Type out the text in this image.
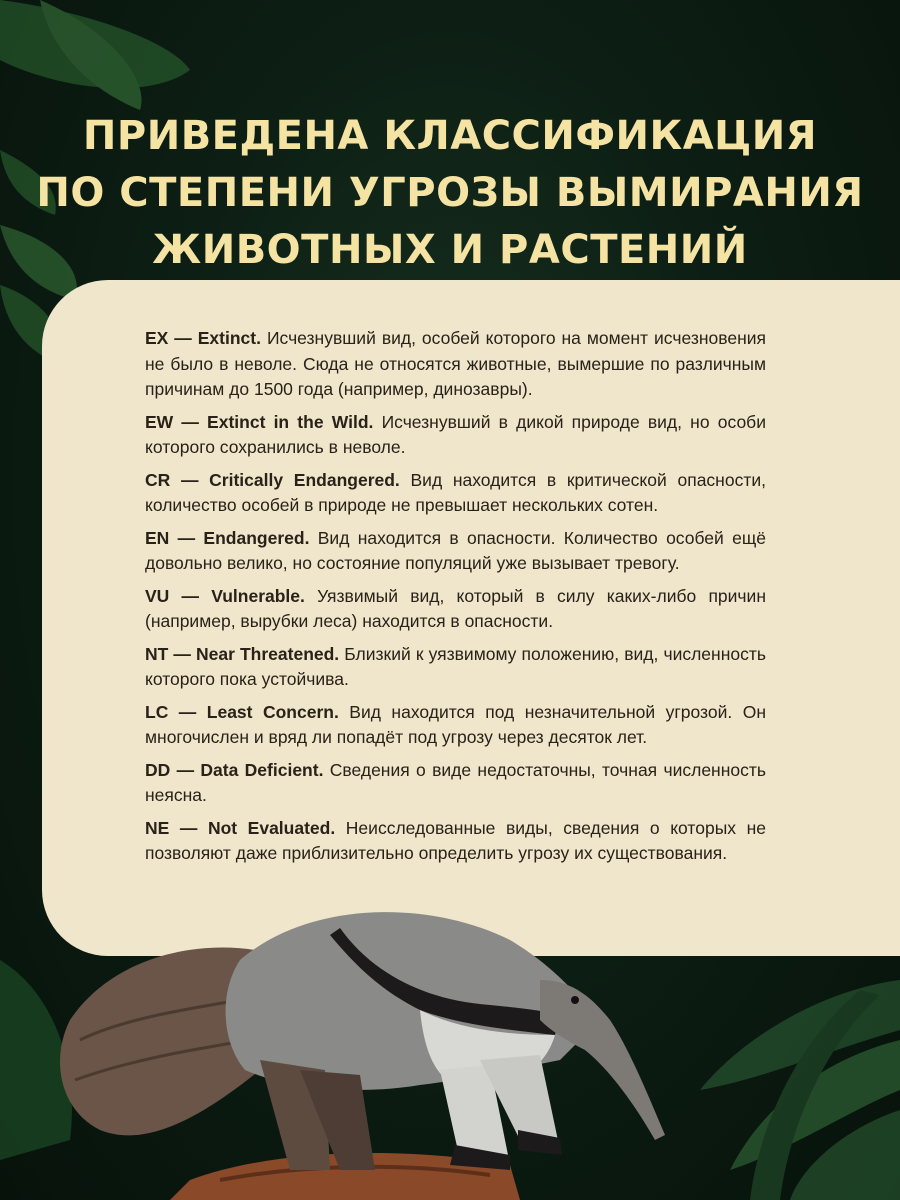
ПРИВЕДЕНА КЛАССИФИКАЦИЯ
ПО СТЕПЕНИ УГРОЗЫ ВЫМИРАНИЯ
ЖИВОТНЫХ И РАСТЕНИЙ

EX — Extinct. Исчезнувший вид, особей которого на момент исчезновения не было в неволе. Сюда не относятся животные, вымершие по различным причинам до 1500 года (например, динозавры).

EW — Extinct in the Wild. Исчезнувший в дикой природе вид, но особи которого сохранились в неволе.

CR — Critically Endangered. Вид находится в критической опасности, количество особей в природе не превышает нескольких сотен.

EN — Endangered. Вид находится в опасности. Количество особей ещё довольно велико, но состояние популяций уже вызывает тревогу.

VU — Vulnerable. Уязвимый вид, который в силу каких-либо причин (например, вырубки леса) находится в опасности.

NT — Near Threatened. Близкий к уязвимому положению, вид, численность которого пока устойчива.

LC — Least Concern. Вид находится под незначительной угрозой. Он многочислен и вряд ли попадёт под угрозу через десяток лет.

DD — Data Deficient. Сведения о виде недостаточны, точная численность неясна.

NE — Not Evaluated. Неисследованные виды, сведения о которых не позволяют даже приблизительно определить угрозу их существования.
